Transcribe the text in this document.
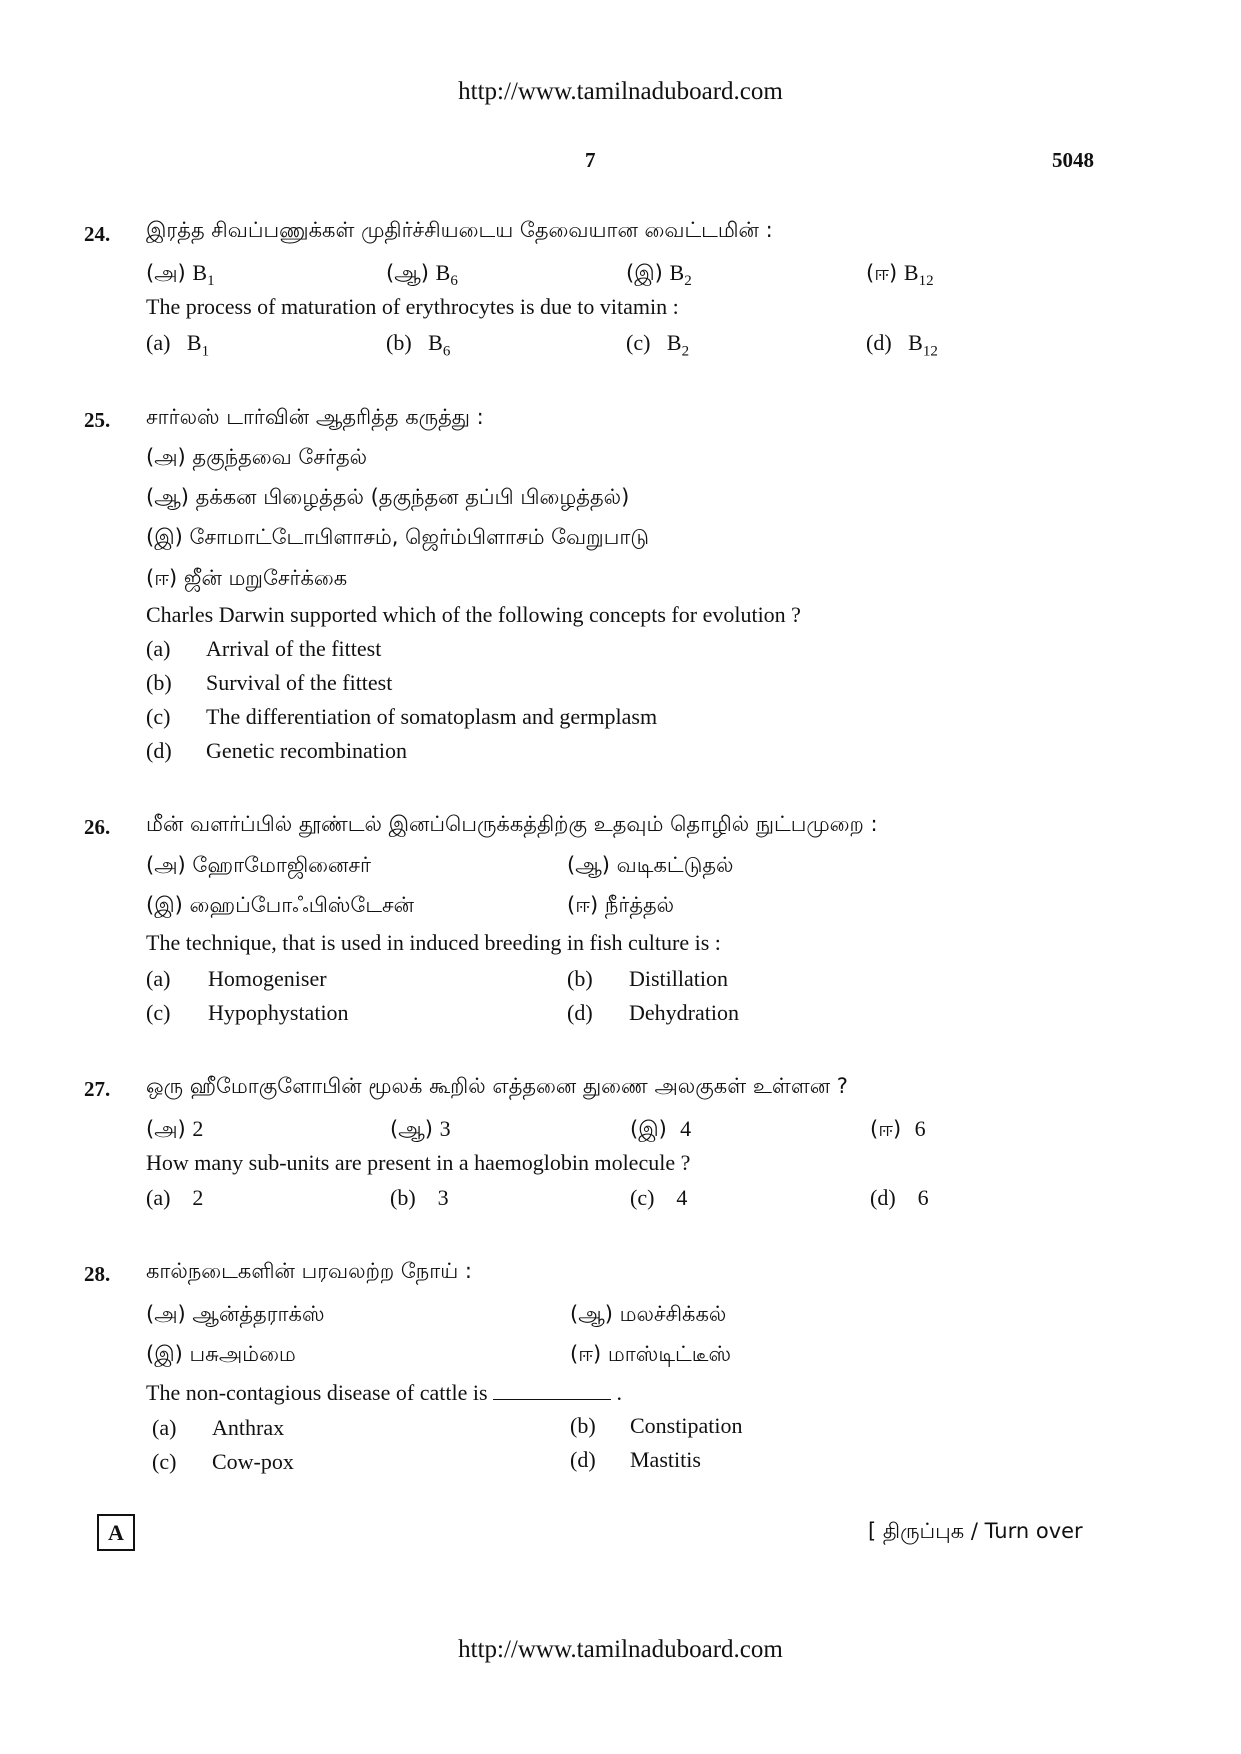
http://www.tamilnaduboard.com
7	5048
24. இரத்த சிவப்பணுக்கள் முதிர்ச்சியடைய தேவையான வைட்டமின் :
(அ) $B_1$	(ஆ) $B_6$	(இ) $B_2$	(ஈ) $B_{12}$
The process of maturation of erythrocytes is due to vitamin :
(a) $B_1$	(b) $B_6$	(c) $B_2$	(d) $B_{12}$
25. சார்லஸ் டார்வின் ஆதரித்த கருத்து :
(அ) தகுந்தவை சேர்தல்
(ஆ) தக்கன பிழைத்தல் (தகுந்தன தப்பி பிழைத்தல்)
(இ) சோமாட்டோபிளாசம், ஜெர்ம்பிளாசம் வேறுபாடு
(ஈ) ஜீன் மறுசேர்க்கை
Charles Darwin supported which of the following concepts for evolution ?
(a) Arrival of the fittest
(b) Survival of the fittest
(c) The differentiation of somatoplasm and germplasm
(d) Genetic recombination
26. மீன் வளர்ப்பில் தூண்டல் இனப்பெருக்கத்திற்கு உதவும் தொழில் நுட்பமுறை :
(அ) ஹோமோஜினைசர்	(ஆ) வடிகட்டுதல்
(இ) ஹைப்போஃபிஸ்டேசன்	(ஈ) நீர்த்தல்
The technique, that is used in induced breeding in fish culture is :
(a) Homogeniser	(b) Distillation
(c) Hypophystation	(d) Dehydration
27. ஒரு ஹீமோகுளோபின் மூலக் கூறில் எத்தனை துணை அலகுகள் உள்ளன ?
(அ) 2	(ஆ) 3	(இ) 4	(ஈ) 6
How many sub-units are present in a haemoglobin molecule ?
(a) 2	(b) 3	(c) 4	(d) 6
28. கால்நடைகளின் பரவலற்ற நோய் :
(அ) ஆன்த்தராக்ஸ்	(ஆ) மலச்சிக்கல்
(இ) பசுஅம்மை	(ஈ) மாஸ்டிட்டீஸ்
The non-contagious disease of cattle is	.
(a) Anthrax	(b) Constipation
(c) Cow-pox	(d) Mastitis
A	[ திருப்புக / Turn over
http://www.tamilnaduboard.com
